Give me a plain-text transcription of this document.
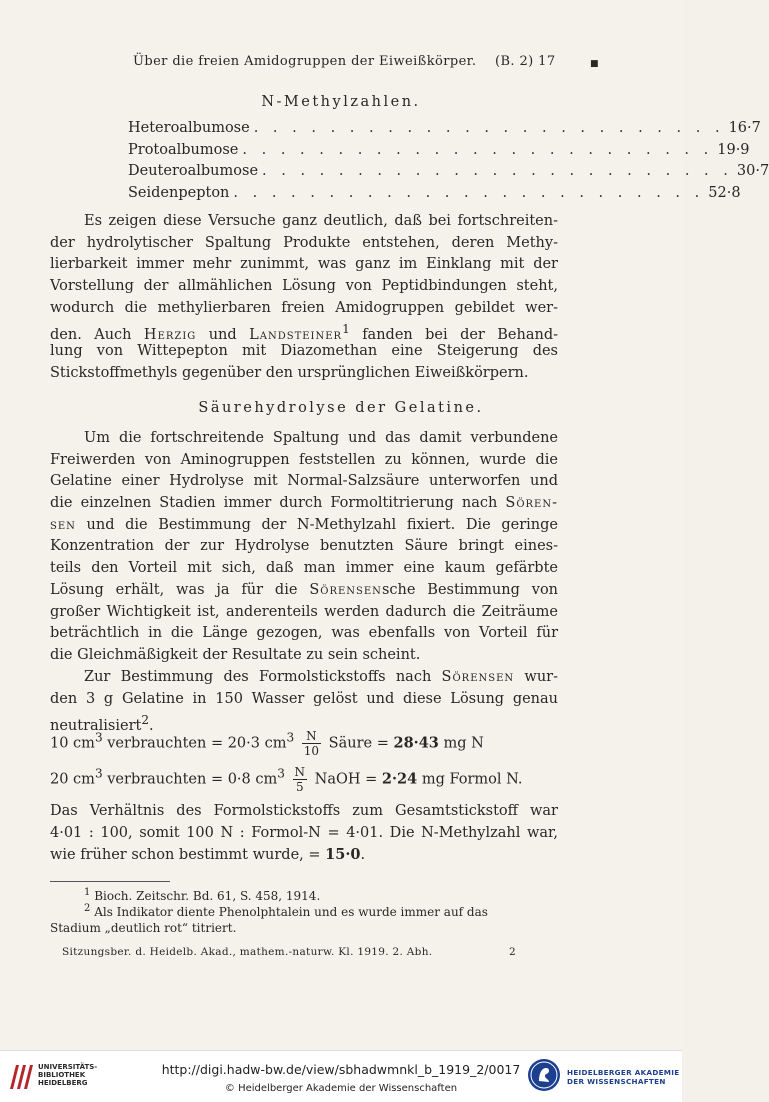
Über die freien Amidogruppen der Eiweißkörper. (B. 2) 17	■
N-Methylzahlen.
Heteroalbumose . . . . . . . . . . . . . . . . . . . . . . . . . 16·7
Protoalbumose . . . . . . . . . . . . . . . . . . . . . . . . . 19·9
Deuteroalbumose . . . . . . . . . . . . . . . . . . . . . . . . . 30·7
Seidenpepton . . . . . . . . . . . . . . . . . . . . . . . . . 52·8
Es zeigen diese Versuche ganz deutlich, daß bei fortschreiten-
der hydrolytischer Spaltung Produkte entstehen, deren Methy-
lierbarkeit immer mehr zunimmt, was ganz im Einklang mit der
Vorstellung der allmählichen Lösung von Peptidbindungen steht,
wodurch die methylierbaren freien Amidogruppen gebildet wer-
den. Auch Herzig und Landsteiner$^1$ fanden bei der Behand-
lung von Wittepepton mit Diazomethan eine Steigerung des
Stickstoffmethyls gegenüber den ursprünglichen Eiweißkörpern.
Säurehydrolyse der Gelatine.
Um die fortschreitende Spaltung und das damit verbundene
Freiwerden von Aminogruppen feststellen zu können, wurde die
Gelatine einer Hydrolyse mit Normal-Salzsäure unterworfen und
die einzelnen Stadien immer durch Formoltitrierung nach Sören-
sen und die Bestimmung der N-Methylzahl fixiert. Die geringe
Konzentration der zur Hydrolyse benutzten Säure bringt eines-
teils den Vorteil mit sich, daß man immer eine kaum gefärbte
Lösung erhält, was ja für die Sörensensche Bestimmung von
großer Wichtigkeit ist, anderenteils werden dadurch die Zeiträume
beträchtlich in die Länge gezogen, was ebenfalls von Vorteil für
die Gleichmäßigkeit der Resultate zu sein scheint.
Zur Bestimmung des Formolstickstoffs nach Sörensen wur-
den 3 g Gelatine in 150 Wasser gelöst und diese Lösung genau
neutralisiert$^2$.
10 $cm^3$ verbrauchten = 20·3 $cm^3 \frac{N}{10}$ Säure = 28·43 mg N
20 $cm^3$ verbrauchten = 0·8 $cm^3 \frac{N}{5}$ NaOH = 2·24 mg Formol N.
Das Verhältnis des Formolstickstoffs zum Gesamtstickstoff war
4·01 : 100, somit 100 N : Formol-N = 4·01. Die N-Methylzahl war,
wie früher schon bestimmt wurde, = 15·0.
$^1$ Bioch. Zeitschr. Bd. 61, S. 458, 1914.
$^2$ Als Indikator diente Phenolphtalein und es wurde immer auf das
Stadium „deutlich rot“ titriert.
Sitzungsber. d. Heidelb. Akad., mathem.-naturw. Kl. 1919. 2. Abh.	2
UNIVERSITÄTS-
BIBLIOTHEK
HEIDELBERG
http://digi.hadw-bw.de/view/sbhadwmnkl_b_1919_2/0017
© Heidelberger Akademie der Wissenschaften
HEIDELBERGER AKADEMIE
DER WISSENSCHAFTEN
